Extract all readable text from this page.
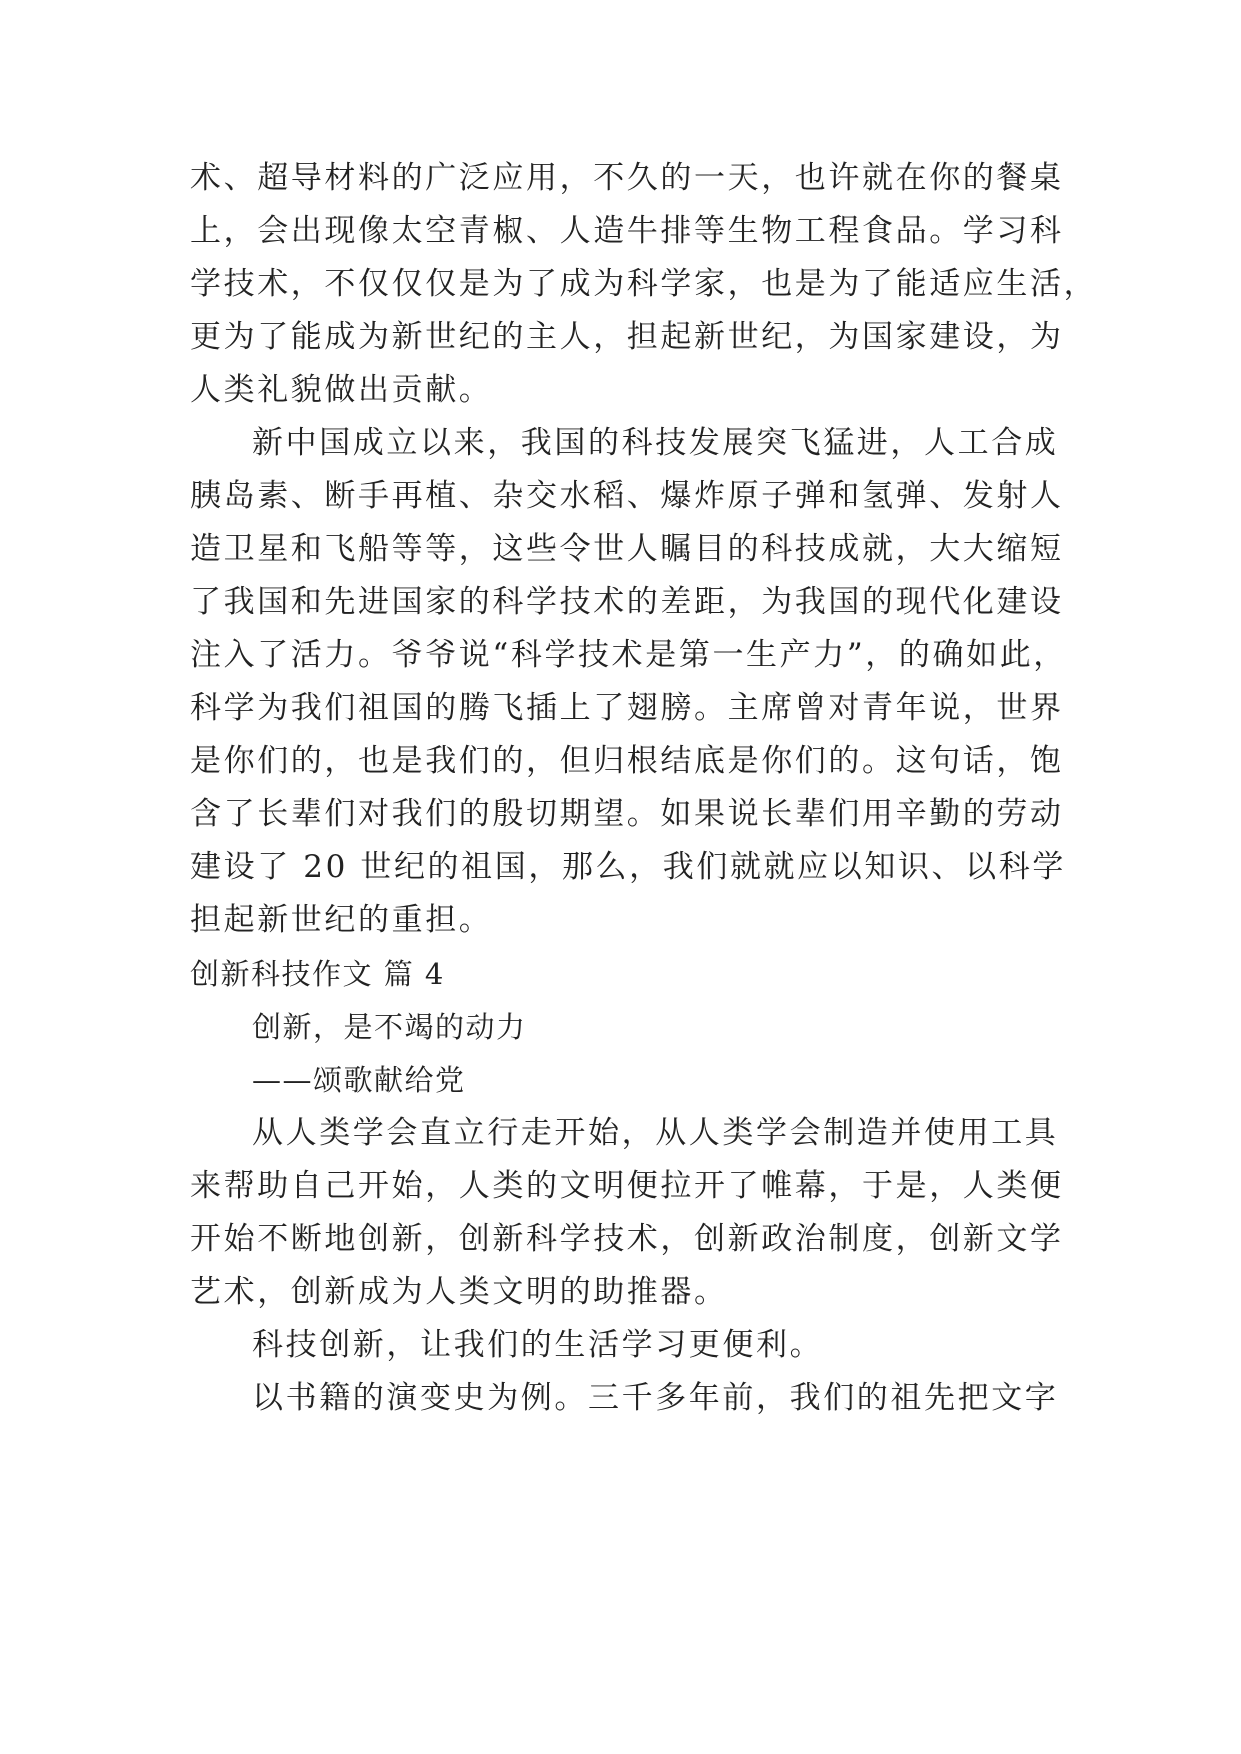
术、超导材料的广泛应用，不久的一天，也许就在你的餐桌
上，会出现像太空青椒、人造牛排等生物工程食品。学习科
学技术，不仅仅仅是为了成为科学家，也是为了能适应生活，
更为了能成为新世纪的主人，担起新世纪，为国家建设，为
人类礼貌做出贡献。
新中国成立以来，我国的科技发展突飞猛进，人工合成
胰岛素、断手再植、杂交水稻、爆炸原子弹和氢弹、发射人
造卫星和飞船等等，这些令世人瞩目的科技成就，大大缩短
了我国和先进国家的科学技术的差距，为我国的现代化建设
注入了活力。爷爷说“科学技术是第一生产力”，的确如此，
科学为我们祖国的腾飞插上了翅膀。主席曾对青年说，世界
是你们的，也是我们的，但归根结底是你们的。这句话，饱
含了长辈们对我们的殷切期望。如果说长辈们用辛勤的劳动
建设了 20 世纪的祖国，那么，我们就就应以知识、以科学
担起新世纪的重担。
创新科技作文 篇 4
创新，是不竭的动力
——颂歌献给党
从人类学会直立行走开始，从人类学会制造并使用工具
来帮助自己开始，人类的文明便拉开了帷幕，于是，人类便
开始不断地创新，创新科学技术，创新政治制度，创新文学
艺术，创新成为人类文明的助推器。
科技创新，让我们的生活学习更便利。
以书籍的演变史为例。三千多年前，我们的祖先把文字
